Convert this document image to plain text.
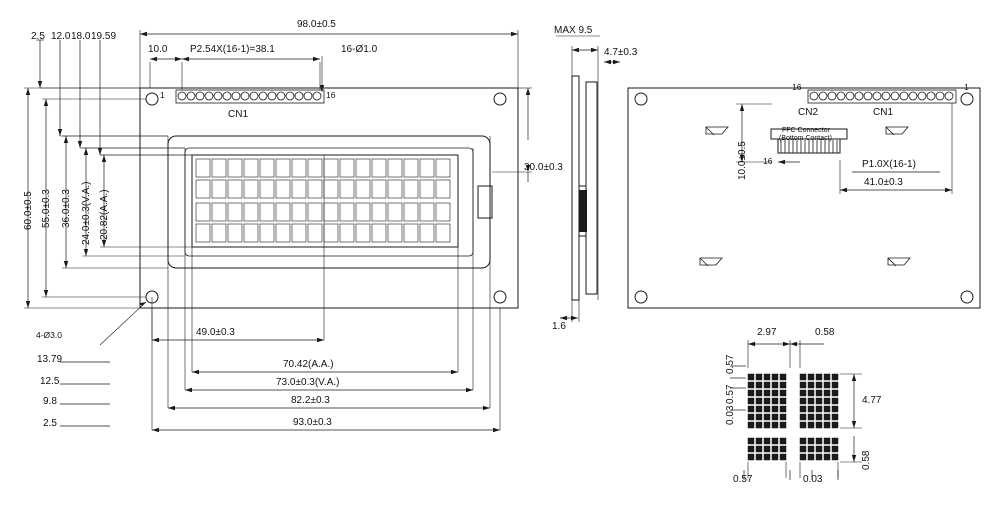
98.0±0.5
P2.54X(16-1)=38.1	16-Ø1.0
10.0
1	16
CN1
60.0±0.5 55.0±0.3 36.0±0.3 24.0±0.3(V.A.) 20.82(A.A.)
2.5 12.0 18.0 19.59
49.0±0.3
70.42(A.A.)
73.0±0.3(V.A.)
82.2±0.3
93.0±0.3
13.79
12.5
9.8
2.5
4-Ø3.0
MAX 9.5
4.7±0.3
1.6
30.0±0.3
16	1
CN2	CN1
FFC Connector
(Bottom Contact)
16	P1.0X(16-1)
41.0±0.3
10.0±0.5
2.97	0.58
0.57
0.57
0.03
4.77
0.58
0.57	0.03
